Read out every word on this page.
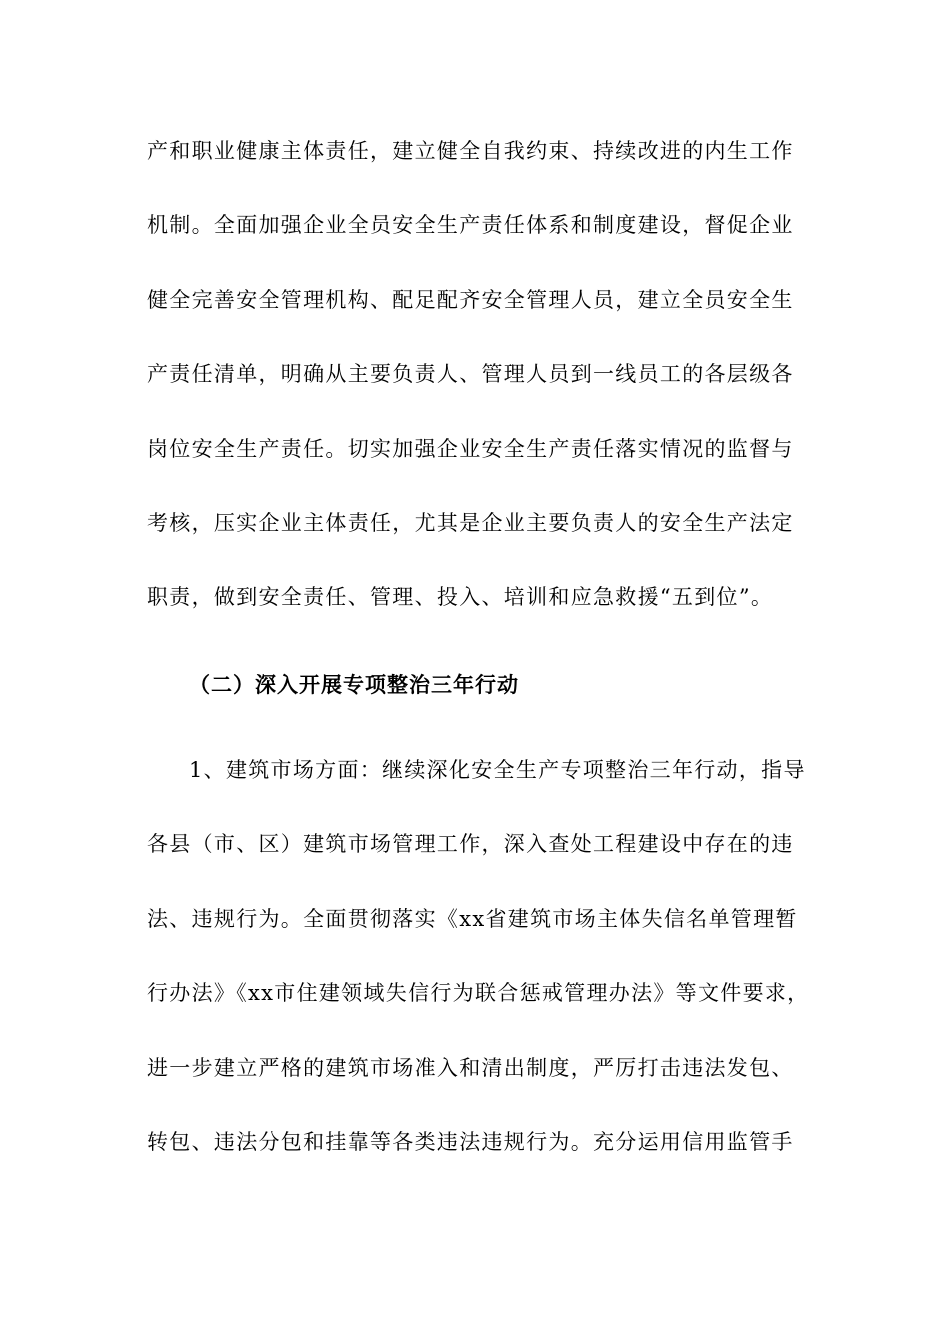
产和职业健康主体责任，建立健全自我约束、持续改进的内生工作
机制。全面加强企业全员安全生产责任体系和制度建设，督促企业
健全完善安全管理机构、配足配齐安全管理人员，建立全员安全生
产责任清单，明确从主要负责人、管理人员到一线员工的各层级各
岗位安全生产责任。切实加强企业安全生产责任落实情况的监督与
考核，压实企业主体责任，尤其是企业主要负责人的安全生产法定
职责，做到安全责任、管理、投入、培训和应急救援“五到位”。
（二）深入开展专项整治三年行动
1、建筑市场方面：继续深化安全生产专项整治三年行动，指导
各县（市、区）建筑市场管理工作，深入查处工程建设中存在的违
法、违规行为。全面贯彻落实《xx省建筑市场主体失信名单管理暂
行办法》《xx市住建领域失信行为联合惩戒管理办法》等文件要求，
进一步建立严格的建筑市场准入和清出制度，严厉打击违法发包、
转包、违法分包和挂靠等各类违法违规行为。充分运用信用监管手
